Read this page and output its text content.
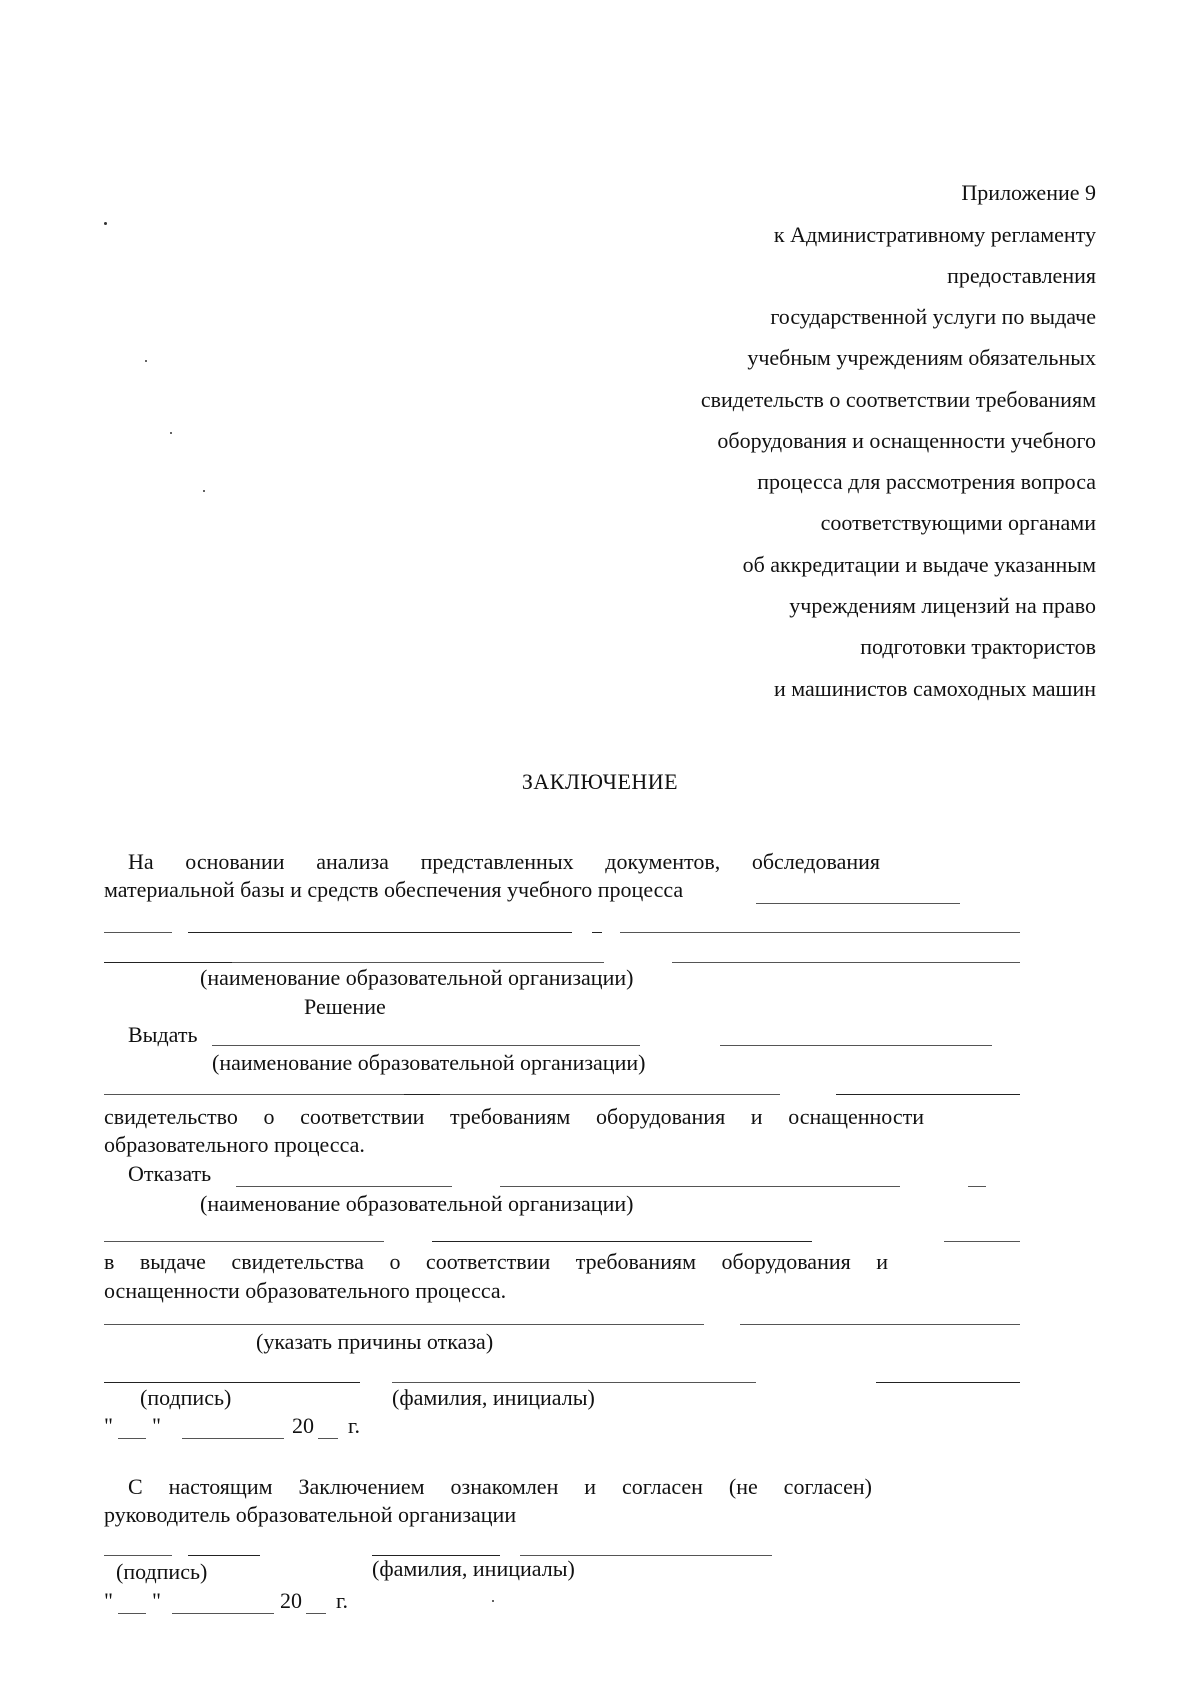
Приложение 9
к Административному регламенту
предоставления
государственной услуги по выдаче
учебным учреждениям обязательных
свидетельств о соответствии требованиям
оборудования и оснащенности учебного
процесса для рассмотрения вопроса
соответствующими органами
об аккредитации и выдаче указанным
учреждениям лицензий на право
подготовки трактористов
и машинистов самоходных машин
ЗАКЛЮЧЕНИЕ
На основании анализа представленных документов, обследования
материальной базы и средств обеспечения учебного процесса
(наименование образовательной организации)
Решение
Выдать
(наименование образовательной организации)
свидетельство о соответствии требованиям оборудования и оснащенности
образовательного процесса.
Отказать
(наименование образовательной организации)
в выдаче свидетельства о соответствии требованиям оборудования и
оснащенности образовательного процесса.
(указать причины отказа)
(подпись)	(фамилия, инициалы)
" "	20 г.
С настоящим Заключением ознакомлен и согласен (не согласен)
руководитель образовательной организации
(подпись)	(фамилия, инициалы)
" "	20 г.
